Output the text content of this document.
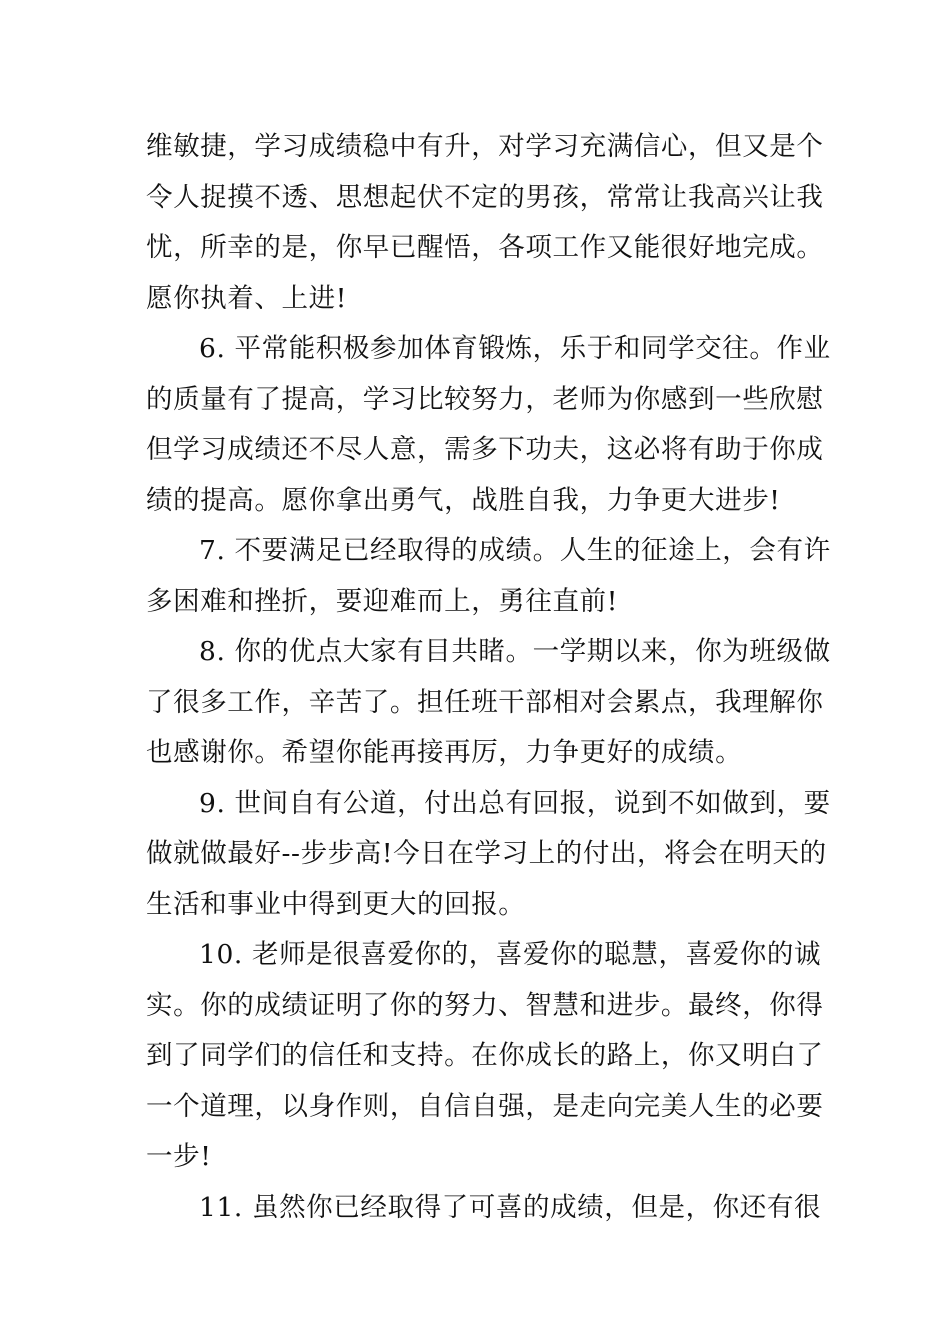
维敏捷，学习成绩稳中有升，对学习充满信心，但又是个
令人捉摸不透、思想起伏不定的男孩，常常让我高兴让我
忧，所幸的是，你早已醒悟，各项工作又能很好地完成。
愿你执着、上进!
6. 平常能积极参加体育锻炼，乐于和同学交往。作业
的质量有了提高，学习比较努力，老师为你感到一些欣慰
但学习成绩还不尽人意，需多下功夫，这必将有助于你成
绩的提高。愿你拿出勇气，战胜自我，力争更大进步!
7. 不要满足已经取得的成绩。人生的征途上，会有许
多困难和挫折，要迎难而上，勇往直前!
8. 你的优点大家有目共睹。一学期以来，你为班级做
了很多工作，辛苦了。担任班干部相对会累点，我理解你
也感谢你。希望你能再接再厉，力争更好的成绩。
9. 世间自有公道，付出总有回报，说到不如做到，要
做就做最好--步步高!今日在学习上的付出，将会在明天的
生活和事业中得到更大的回报。
10. 老师是很喜爱你的，喜爱你的聪慧，喜爱你的诚
实。你的成绩证明了你的努力、智慧和进步。最终，你得
到了同学们的信任和支持。在你成长的路上，你又明白了
一个道理，以身作则，自信自强，是走向完美人生的必要
一步!
11. 虽然你已经取得了可喜的成绩，但是，你还有很
